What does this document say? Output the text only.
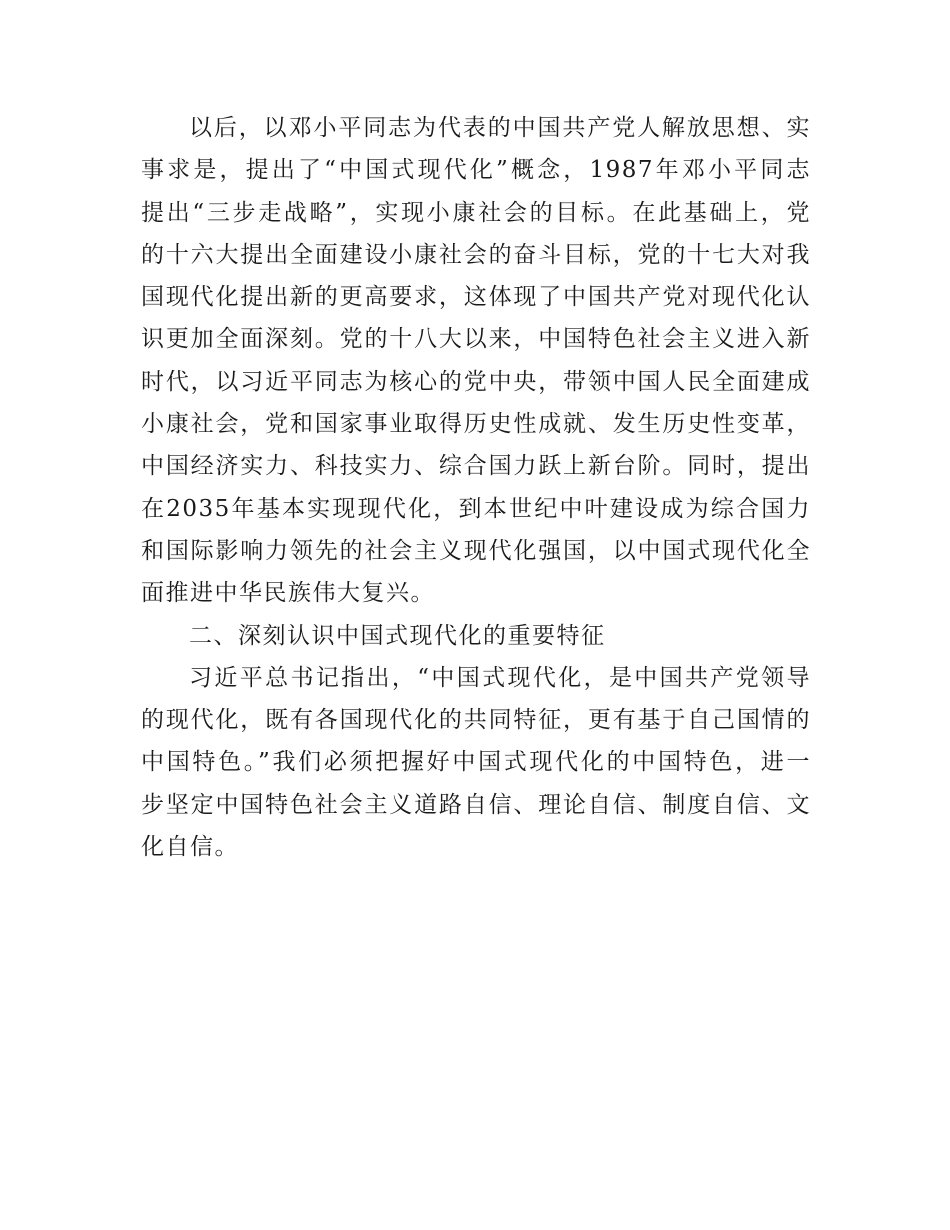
以后，以邓小平同志为代表的中国共产党人解放思想、实
事求是，提出了“中国式现代化”概念，1987年邓小平同志
提出“三步走战略”，实现小康社会的目标。在此基础上，党
的十六大提出全面建设小康社会的奋斗目标，党的十七大对我
国现代化提出新的更高要求，这体现了中国共产党对现代化认
识更加全面深刻。党的十八大以来，中国特色社会主义进入新
时代，以习近平同志为核心的党中央，带领中国人民全面建成
小康社会，党和国家事业取得历史性成就、发生历史性变革，
中国经济实力、科技实力、综合国力跃上新台阶。同时，提出
在2035年基本实现现代化，到本世纪中叶建设成为综合国力
和国际影响力领先的社会主义现代化强国，以中国式现代化全
面推进中华民族伟大复兴。
二、深刻认识中国式现代化的重要特征
习近平总书记指出，“中国式现代化，是中国共产党领导
的现代化，既有各国现代化的共同特征，更有基于自己国情的
中国特色。”我们必须把握好中国式现代化的中国特色，进一
步坚定中国特色社会主义道路自信、理论自信、制度自信、文
化自信。
